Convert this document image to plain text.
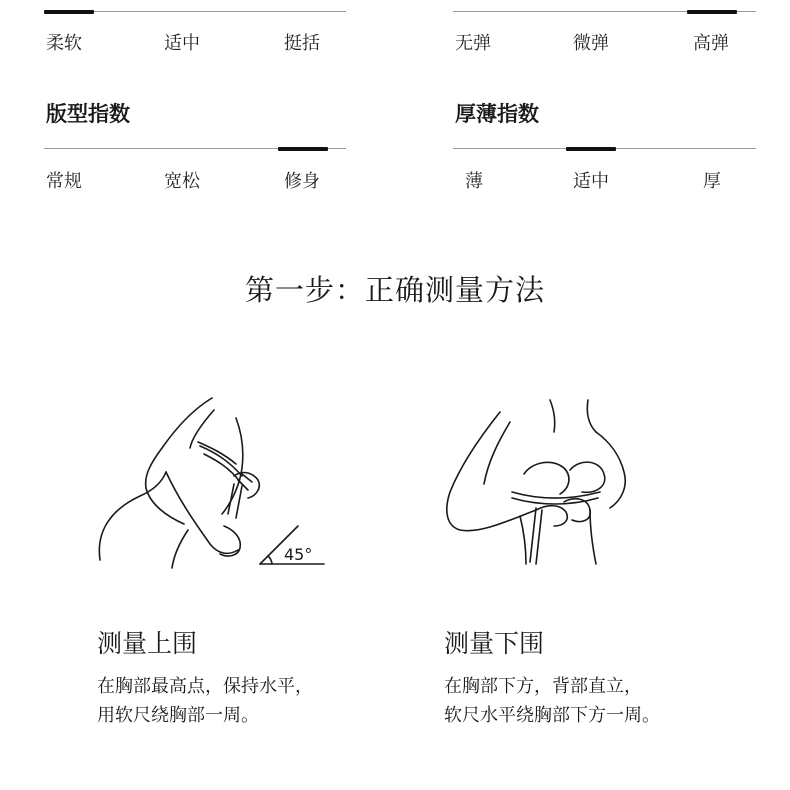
柔软	适中	挺括	无弹	微弹	高弹
版型指数
常规	宽松	修身
厚薄指数
薄	适中	厚
第一步：正确测量方法
45°
测量上围
在胸部最高点，保持水平，
用软尺绕胸部一周。
测量下围
在胸部下方，背部直立，
软尺水平绕胸部下方一周。
